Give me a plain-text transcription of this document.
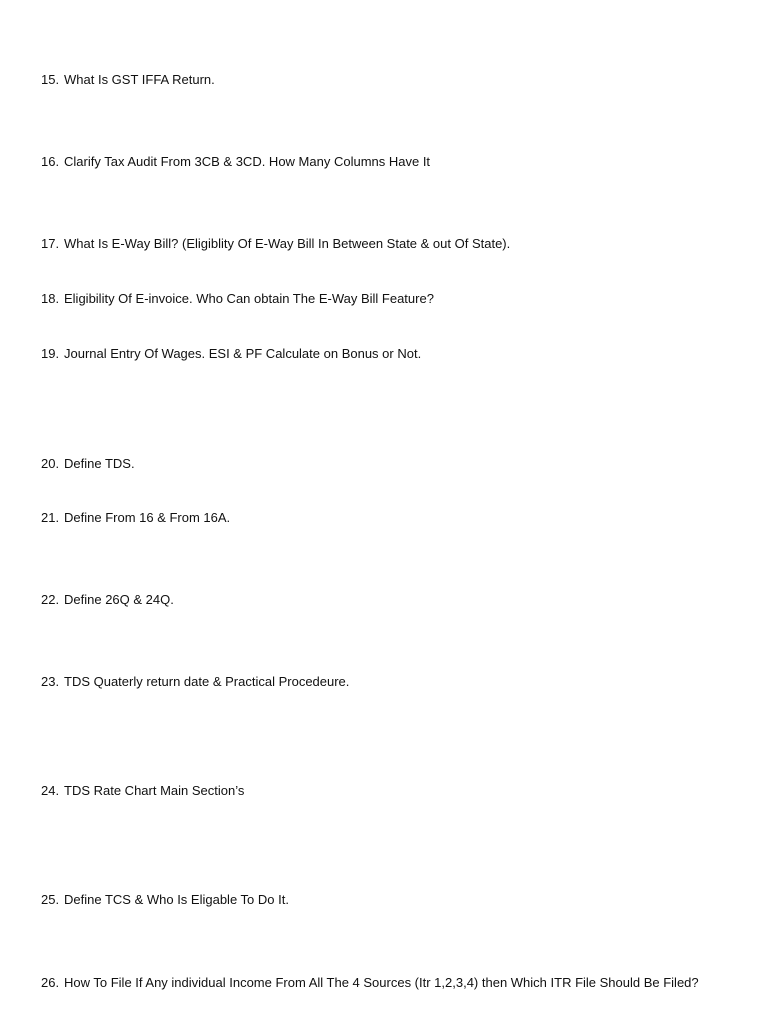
15. What Is GST IFFA Return.
16. Clarify Tax Audit From 3CB & 3CD. How Many Columns Have It
17. What Is E-Way Bill? (Eligiblity Of E-Way Bill In Between State & out Of State).
18. Eligibility Of E-invoice. Who Can obtain The E-Way Bill Feature?
19. Journal Entry Of Wages. ESI & PF Calculate on Bonus or Not.
20. Define TDS.
21. Define From 16 & From 16A.
22. Define 26Q & 24Q.
23. TDS Quaterly return date & Practical Procedeure.
24. TDS Rate Chart Main Section’s
25. Define TCS & Who Is Eligable To Do It.
26. How To File If Any individual Income From All The 4 Sources (Itr 1,2,3,4) then Which ITR File Should Be Filed?
